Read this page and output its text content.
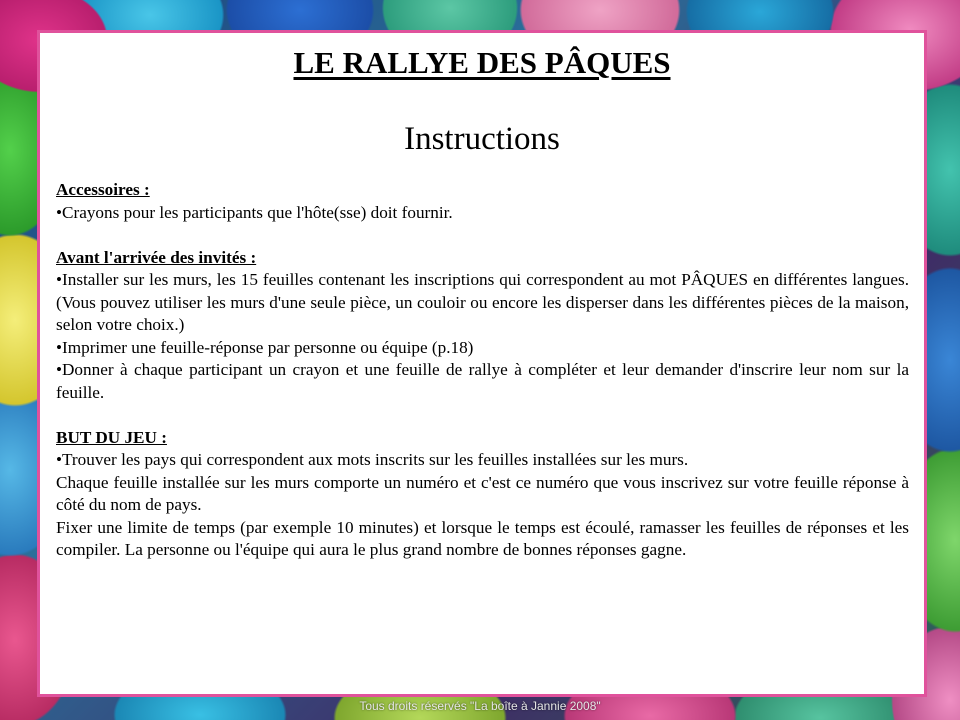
LE RALLYE DES PÂQUES
Instructions

Accessoires :

•Crayons pour les participants que l'hôte(sse) doit fournir.

Avant l'arrivée des invités :

•Installer sur les murs, les 15 feuilles contenant les inscriptions qui correspondent au mot PÂQUES en différentes langues. (Vous pouvez utiliser les murs d'une seule pièce, un couloir ou encore les disperser dans les différentes pièces de la maison, selon votre choix.)

•Imprimer une feuille-réponse par personne ou équipe (p.18)

•Donner à chaque participant un crayon et une feuille de rallye à compléter et leur demander d'inscrire leur nom sur la feuille.

BUT DU JEU :

•Trouver les pays qui correspondent aux mots inscrits sur les feuilles installées sur les murs.

Chaque feuille installée sur les murs comporte un numéro et c'est ce numéro que vous inscrivez sur votre feuille réponse à côté du nom de pays.

Fixer une limite de temps (par exemple 10 minutes) et lorsque le temps est écoulé, ramasser les feuilles de réponses et les compiler. La personne ou l'équipe qui aura le plus grand nombre de bonnes réponses gagne.

Tous droits réservés "La boîte à Jannie 2008"
